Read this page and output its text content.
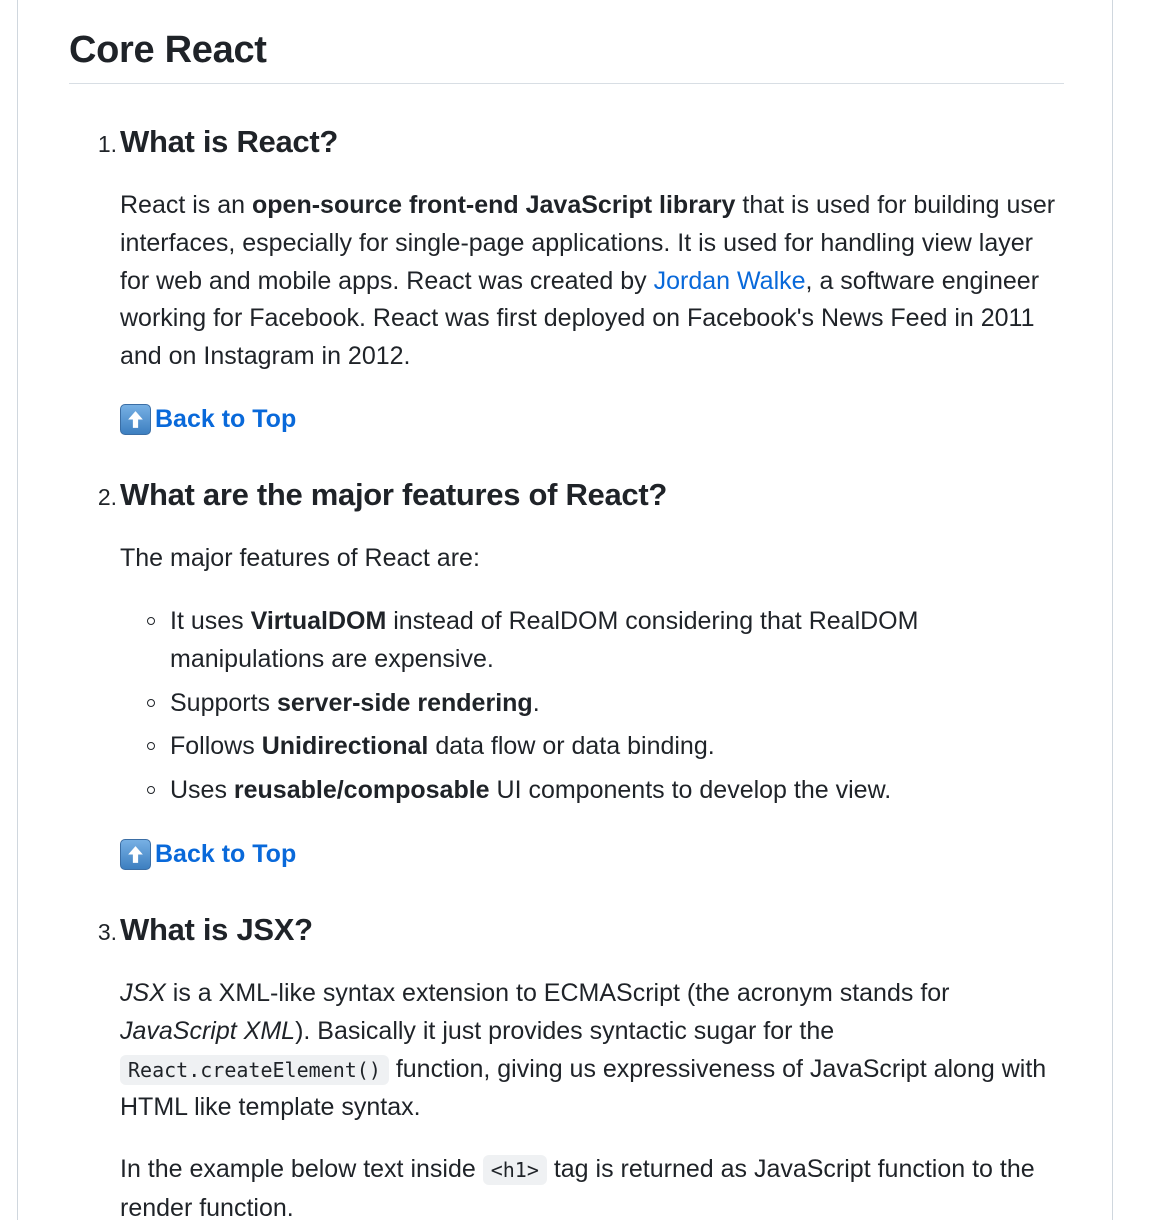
Core React
1. What is React?

React is an open-source front-end JavaScript library that is used for building user interfaces, especially for single-page applications. It is used for handling view layer for web and mobile apps. React was created by Jordan Walke, a software engineer working for Facebook. React was first deployed on Facebook's News Feed in 2011 and on Instagram in 2012.

Back to Top
2. What are the major features of React?

The major features of React are:

It uses VirtualDOM instead of RealDOM considering that RealDOM manipulations are expensive.
Supports server-side rendering.
Follows Unidirectional data flow or data binding.
Uses reusable/composable UI components to develop the view.
Back to Top
3. What is JSX?

JSX is a XML-like syntax extension to ECMAScript (the acronym stands for JavaScript XML). Basically it just provides syntactic sugar for the React.createElement() function, giving us expressiveness of JavaScript along with HTML like template syntax.

In the example below text inside <h1> tag is returned as JavaScript function to the render function.
